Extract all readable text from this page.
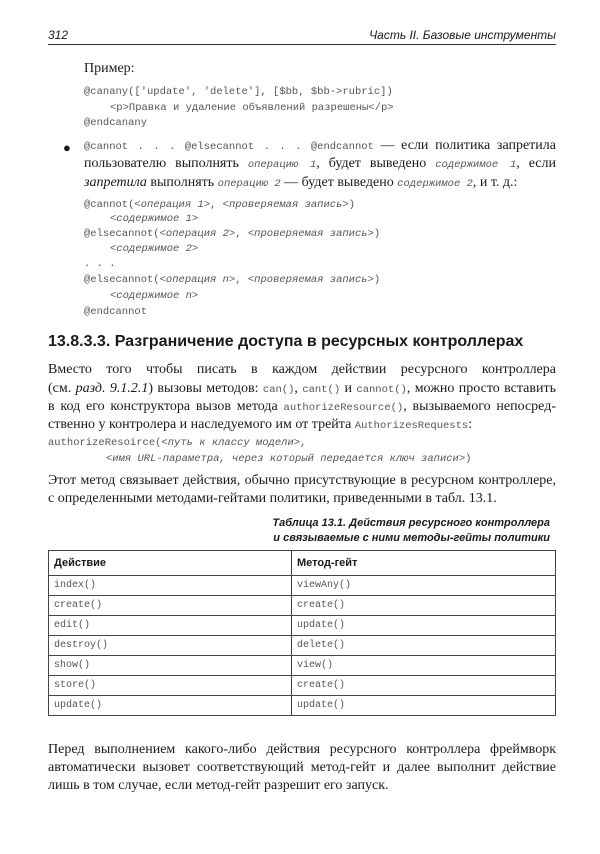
312	Часть II. Базовые инструменты
Пример:
@canany(['update', 'delete'], [$bb, $bb->rubric])
<p>Правка и удаление объявлений разрешены</p>
@endcanany
@cannot . . . @elsecannot . . . @endcannot — если политика запретила
пользователю выполнять операцию 1, будет выведено содержимое 1, если
запретила выполнять операцию 2 — будет выведено содержимое 2, и т. д.:
@cannot(<операция 1>, <проверяемая запись>)
<содержимое 1>
@elsecannot(<операция 2>, <проверяемая запись>)
<содержимое 2>
. . .
@elsecannot(<операция n>, <проверяемая запись>)
<содержимое n>
@endcannot
Вместо того чтобы писать в каждом действии ресурсного контроллера
(см. разд. 9.1.2.1) вызовы методов: can(), cant() и cannot(), можно просто вставить
в код его конструктора вызов метода authorizeResource(), вызываемого непосред-
ственно у контролера и наследуемого им от трейта AuthorizesRequests:
authorizeResoirce(<путь к классу модели>,
<имя URL-параметра, через который передается ключ записи>)
Этот метод связывает действия, обычно присутствующие в ресурсном контроллере,
с определенными методами-гейтами политики, приведенными в табл. 13.1.
Перед выполнением какого-либо действия ресурсного контроллера фреймворк
автоматически вызовет соответствующий метод-гейт и далее выполнит действие
лишь в том случае, если метод-гейт разрешит его запуск.
●
13.8.3.3. Разграничение доступа в ресурсных контроллерах
Таблица 13.1. Действия ресурсного контроллера
и связываемые с ними методы-гейты политики
Действие	Метод-гейт
index()	viewAny()
create()	create()
edit()	update()
destroy()	delete()
show()	view()
store()	create()
update()	update()
